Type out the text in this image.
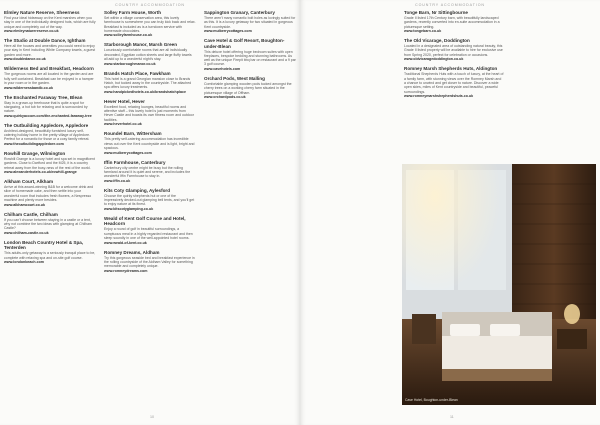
COUNTRY ACCOMMODATION
Elmley Nature Reserve, Sheerness

Find your ideal hideaway on the Kent marshes when you stay in one of the individually designed huts, which are fully unique and completely out of the way.

www.elmleynaturereserve.co.uk
The Studio at Double Dance, Ightham

Here all the houses and amenities you could need to enjoy your stay in Kent including White Company towels, a guest garden and more.

www.doubledance.co.uk
Wilderness Bed and Breakfast, Headcorn

The gorgeous rooms are all located in the garden and are fully self contained. Breakfast can be enjoyed in a hamper in your room or in the garden.

www.wildernessbandb.co.uk
The Enchanted Faraway Tree, Blean

Stay in a grown-up treehouse that is quite a spot for stargazing, a hot tub for relaxing and is surrounded by nature.

www.quirkyaccom.com/the-enchanted-faraway-tree
The Outbuilding Appledore, Appledore

Architect-designed, beautifully furnished luxury self-catering holiday home in the pretty village of Appledore. Perfect for a romantic for those or a cosy family retreat.

www.theoutbuildingappledore.com
Rowhill Grange, Wilmington

Rowhill Grange is a luxury hotel and spa set in magnificent gardens. Close to Dartford and the M25, it is a country retreat away from the busy-ness of the rest of the world.

www.alexanderhotels.co.uk/rowhill-grange
Alkham Court, Alkham

Arrive at this award-winning B&B for a welcome drink and slice of homemade cake, and then settle into your wonderful room that includes fresh flowers, a Nespresso machine and plenty more besides.

www.alkhamcourt.co.uk
Chilham Castle, Chilham

If you can't choose between staying in a castle or a tent, why not combine the two ideas with glamping at Chilham Castle?

www.chilham-castle.co.uk
London Beach Country Hotel & Spa, Tenterden

This adults-only getaway is a seriously tranquil place to be, complete with relaxing spa and on-site golf course.

www.londonbeach.com
Solley Farm House, Worth

Set within a village conservation area, this lovely farmhouse is somewhere you can truly kick back and relax. Breakfast is included as is a turndown service with homemade chocolates.

www.solleyfarmhouse.co.uk
Starborough Manor, Marsh Green

Luxuriously comfortable rooms that are all individually decorated, Egyptian cotton sheets and large fluffy towels all add up to a wonderful night's stay.

www.starboroughmanor.co.uk
Brands Hatch Place, Fawkham

This hotel is a grand Georgian mansion close to Brands Hatch, but tucked away in the countryside. The attached spa offers luxury treatments.

www.handpickedhotels.co.uk/brandshatchplace
Hever Hotel, Hever

Excellent food, relaxing lounges, beautiful rooms and attentive staff – this lovely hotel is just moments from Hever Castle and boasts its own fitness room and outdoor facilities.

www.heverhotel.co.uk
Roundel Barn, Wittersham

This pretty self-catering accommodation has incredible views out over the Kent countryside and is light, bright and spacious.

www.mulberrycottages.com
Iffin Farmhouse, Canterbury

Canterbury city centre might be busy but the rolling farmland around it is quiet and serene, and includes the wonderful Iffin Farmhouse to stay in.

www.iffin.co.uk
Kits Coty Glamping, Aylesford

Choose the quirky shepherds hut or one of the impressively decked-out glamping bell tents, and you'll get to enjoy nature at its finest.

www.kitscotyglamping.co.uk
Weald of Kent Golf Course and Hotel, Headcorn

Enjoy a round of golf in beautiful surroundings, a sumptuous meal in a highly regarded restaurant and then sleep soundly in one of the well-appointed hotel rooms.

www.weald-of-kent.co.uk
Romney Dreams, Aldham

Try this gorgeous seaside bed and breakfast experience in the rolling countryside of the Aldham Valley for something memorable and completely unique.

www.romneydreams.com
Sappington Granary, Canterbury

There aren't many romantic bolt holes as lovingly suited for as this. It is a luxury getaway for two situated in gorgeous Kent countryside.

www.mulberrycottages.com
Cave Hotel & Golf Resort, Boughton-under-Blean

This deluxe hotel offering huge bedroom suites with open fireplaces, bespoke bedding and stunning bathrooms. As well as the unique Firepit bbq bar on restaurant and a 9 par 3 golf course.

www.cavehotels.com
Orchard Pods, West Malling

Comfortable glamping wooden pods tucked amongst the cherry trees on a working cherry farm situated in the picturesque village of Offham.

www.orchardpods.co.uk
10
COUNTRY ACCOMMODATION
Tonge Barn, Nr Sittingbourne

Grade II listed 17th Century barn, with beautifully landscaped gardens, recently converted into en-suite accommodation in a picturesque setting.

www.tongebarn.co.uk
The Old Vicarage, Doddington

Located in a designated area of outstanding natural beauty, this Grade II listed property will be available to hire for exclusive use from Spring 2020, perfect for celebration or occasions.

www.oldvicaragedoddington.co.uk
Romney Marsh Shepherds Huts, Aldington

Traditional Shepherds Huts with a touch of luxury, at the heart of a family farm, with stunning views over the Romney Marsh and a chance to unwind and get closer to nature. Discover a wide open skies, miles of Kent countryside and beautiful, peaceful surroundings.

www.romneymarshshepherdshuts.co.uk
Cave Hotel, Boughton-under-Blean
11
